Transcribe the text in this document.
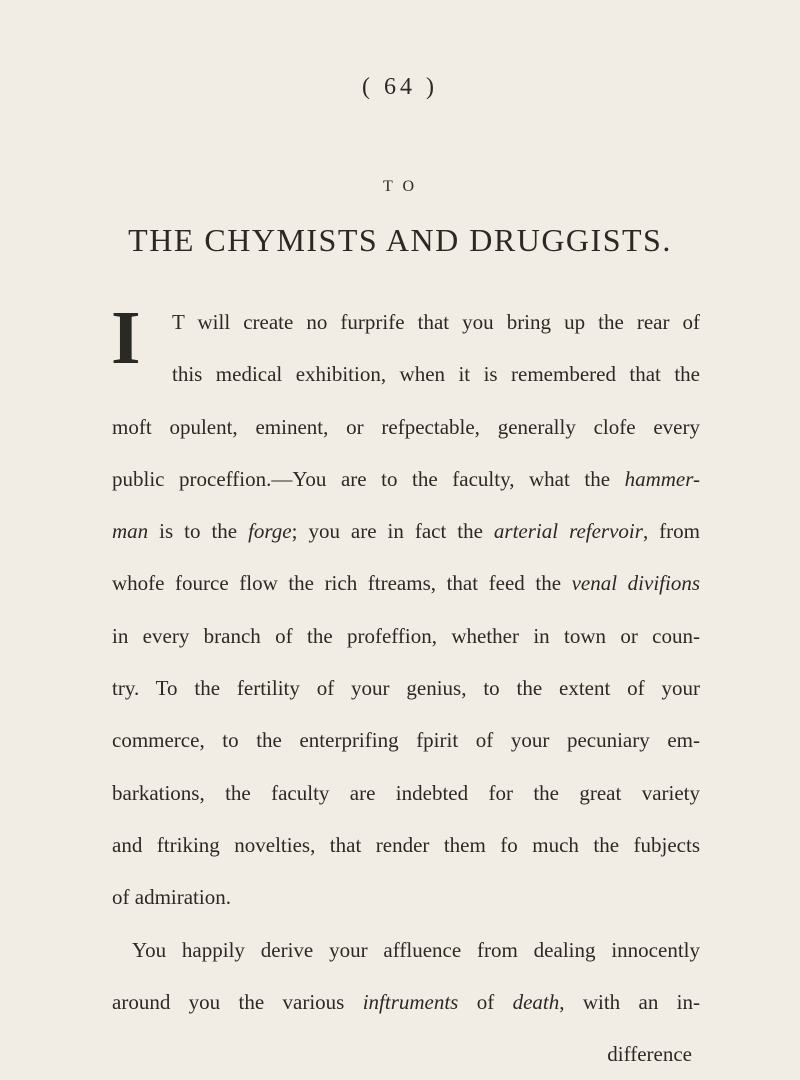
( 64 )
T O
THE CHYMISTS AND DRUGGISTS.
I	T will create no furprife that you bring up the rear of
this medical exhibition, when it is remembered that the
moft opulent, eminent, or refpectable, generally clofe every
public proceffion.—You are to the faculty, what the hammer-
man is to the forge; you are in fact the arterial refervoir, from
whofe fource flow the rich ftreams, that feed the venal divifions
in every branch of the profeffion, whether in town or coun-
try. To the fertility of your genius, to the extent of your
commerce, to the enterprifing fpirit of your pecuniary em-
barkations, the faculty are indebted for the great variety
and ftriking novelties, that render them fo much the fubjects
of admiration.
You happily derive your affluence from dealing innocently
around you the various inftruments of death, with an in-
difference
